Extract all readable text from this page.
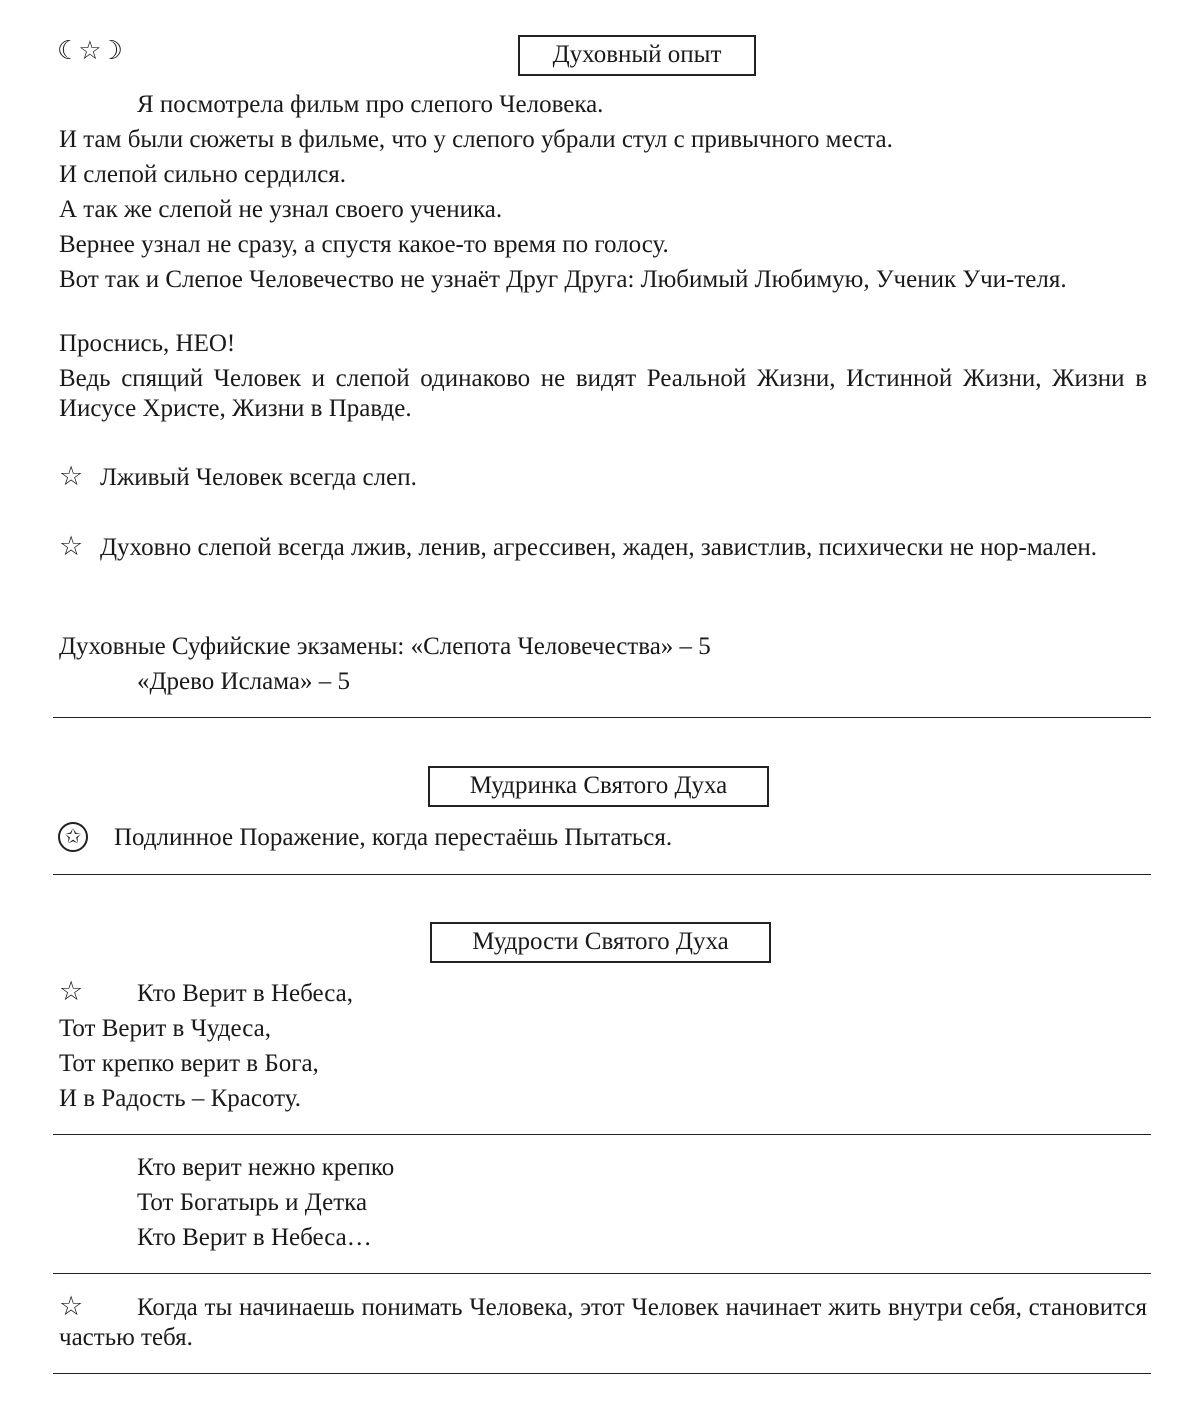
☾☆☽	Духовный опыт
Я посмотрела фильм про слепого Человека.
И там были сюжеты в фильме, что у слепого убрали стул с привычного места.
И слепой сильно сердился.
А так же слепой не узнал своего ученика.
Вернее узнал не сразу, а спустя какое-то время по голосу.
Вот так и Слепое Человечество не узнаёт Друг Друга: Любимый Любимую, Ученик Учи-теля.
Проснись, НЕО!
Ведь спящий Человек и слепой одинаково не видят Реальной Жизни, Истинной Жизни, Жизни в Иисусе Христе, Жизни в Правде.
☆ Лживый Человек всегда слеп.
☆ Духовно слепой всегда лжив, ленив, агрессивен, жаден, завистлив, психически не нор-мален.
Духовные Суфийские экзамены: «Слепота Человечества» – 5
«Древо Ислама» – 5
Мудринка Святого Духа
✩ Подлинное Поражение, когда перестаёшь Пытаться.
Мудрости Святого Духа
☆ Кто Верит в Небеса,
Тот Верит в Чудеса,
Тот крепко верит в Бога,
И в Радость – Красоту.
Кто верит нежно крепко
Тот Богатырь и Детка
Кто Верит в Небеса…
☆	Когда ты начинаешь понимать Человека, этот Человек начинает жить внутри себя, становится частью тебя.
